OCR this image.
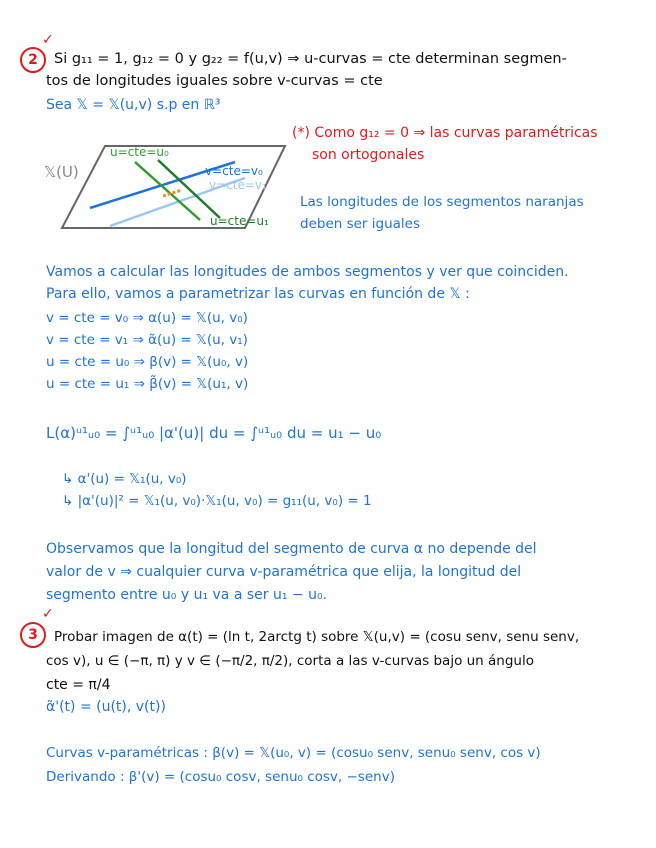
2
✓
Si g₁₁ = 1, g₁₂ = 0 y g₂₂ = f(u,v) ⇒ u-curvas = cte determinan segmen-
tos de longitudes iguales sobre v-curvas = cte
Sea 𝕏 = 𝕏(u,v) s.p en ℝ³
𝕏(U)
u=cte=u₀
v=cte=v₀
v=cte=v₁
u=cte=u₁
(*) Como g₁₂ = 0 ⇒ las curvas paramétricas
son ortogonales
Las longitudes de los segmentos naranjas
deben ser iguales
Vamos a calcular las longitudes de ambos segmentos y ver que coinciden.
Para ello, vamos a parametrizar las curvas en función de 𝕏 :
v = cte = v₀ ⇒ α(u) = 𝕏(u, v₀)
v = cte = v₁ ⇒ α̃(u) = 𝕏(u, v₁)
u = cte = u₀ ⇒ β(v) = 𝕏(u₀, v)
u = cte = u₁ ⇒ β̃(v) = 𝕏(u₁, v)
L(α)ᵘ¹ᵤ₀ = ∫ᵘ¹ᵤ₀ |α'(u)| du = ∫ᵘ¹ᵤ₀ du = u₁ − u₀
↳ α'(u) = 𝕏₁(u, v₀)
↳ |α'(u)|² = 𝕏₁(u, v₀)·𝕏₁(u, v₀) = g₁₁(u, v₀) = 1
Observamos que la longitud del segmento de curva α no depende del
valor de v ⇒ cualquier curva v-paramétrica que elija, la longitud del
segmento entre u₀ y u₁ va a ser u₁ − u₀.
3
✓
Probar imagen de α(t) = (ln t, 2arctg t) sobre 𝕏(u,v) = (cosu senv, senu senv,
cos v), u ∈ (−π, π) y v ∈ (−π/2, π/2), corta a las v-curvas bajo un ángulo
cte = π/4
α̃'(t) = (u(t), v(t))
Curvas v-paramétricas : β(v) = 𝕏(u₀, v) = (cosu₀ senv, senu₀ senv, cos v)
Derivando : β'(v) = (cosu₀ cosv, senu₀ cosv, −senv)
